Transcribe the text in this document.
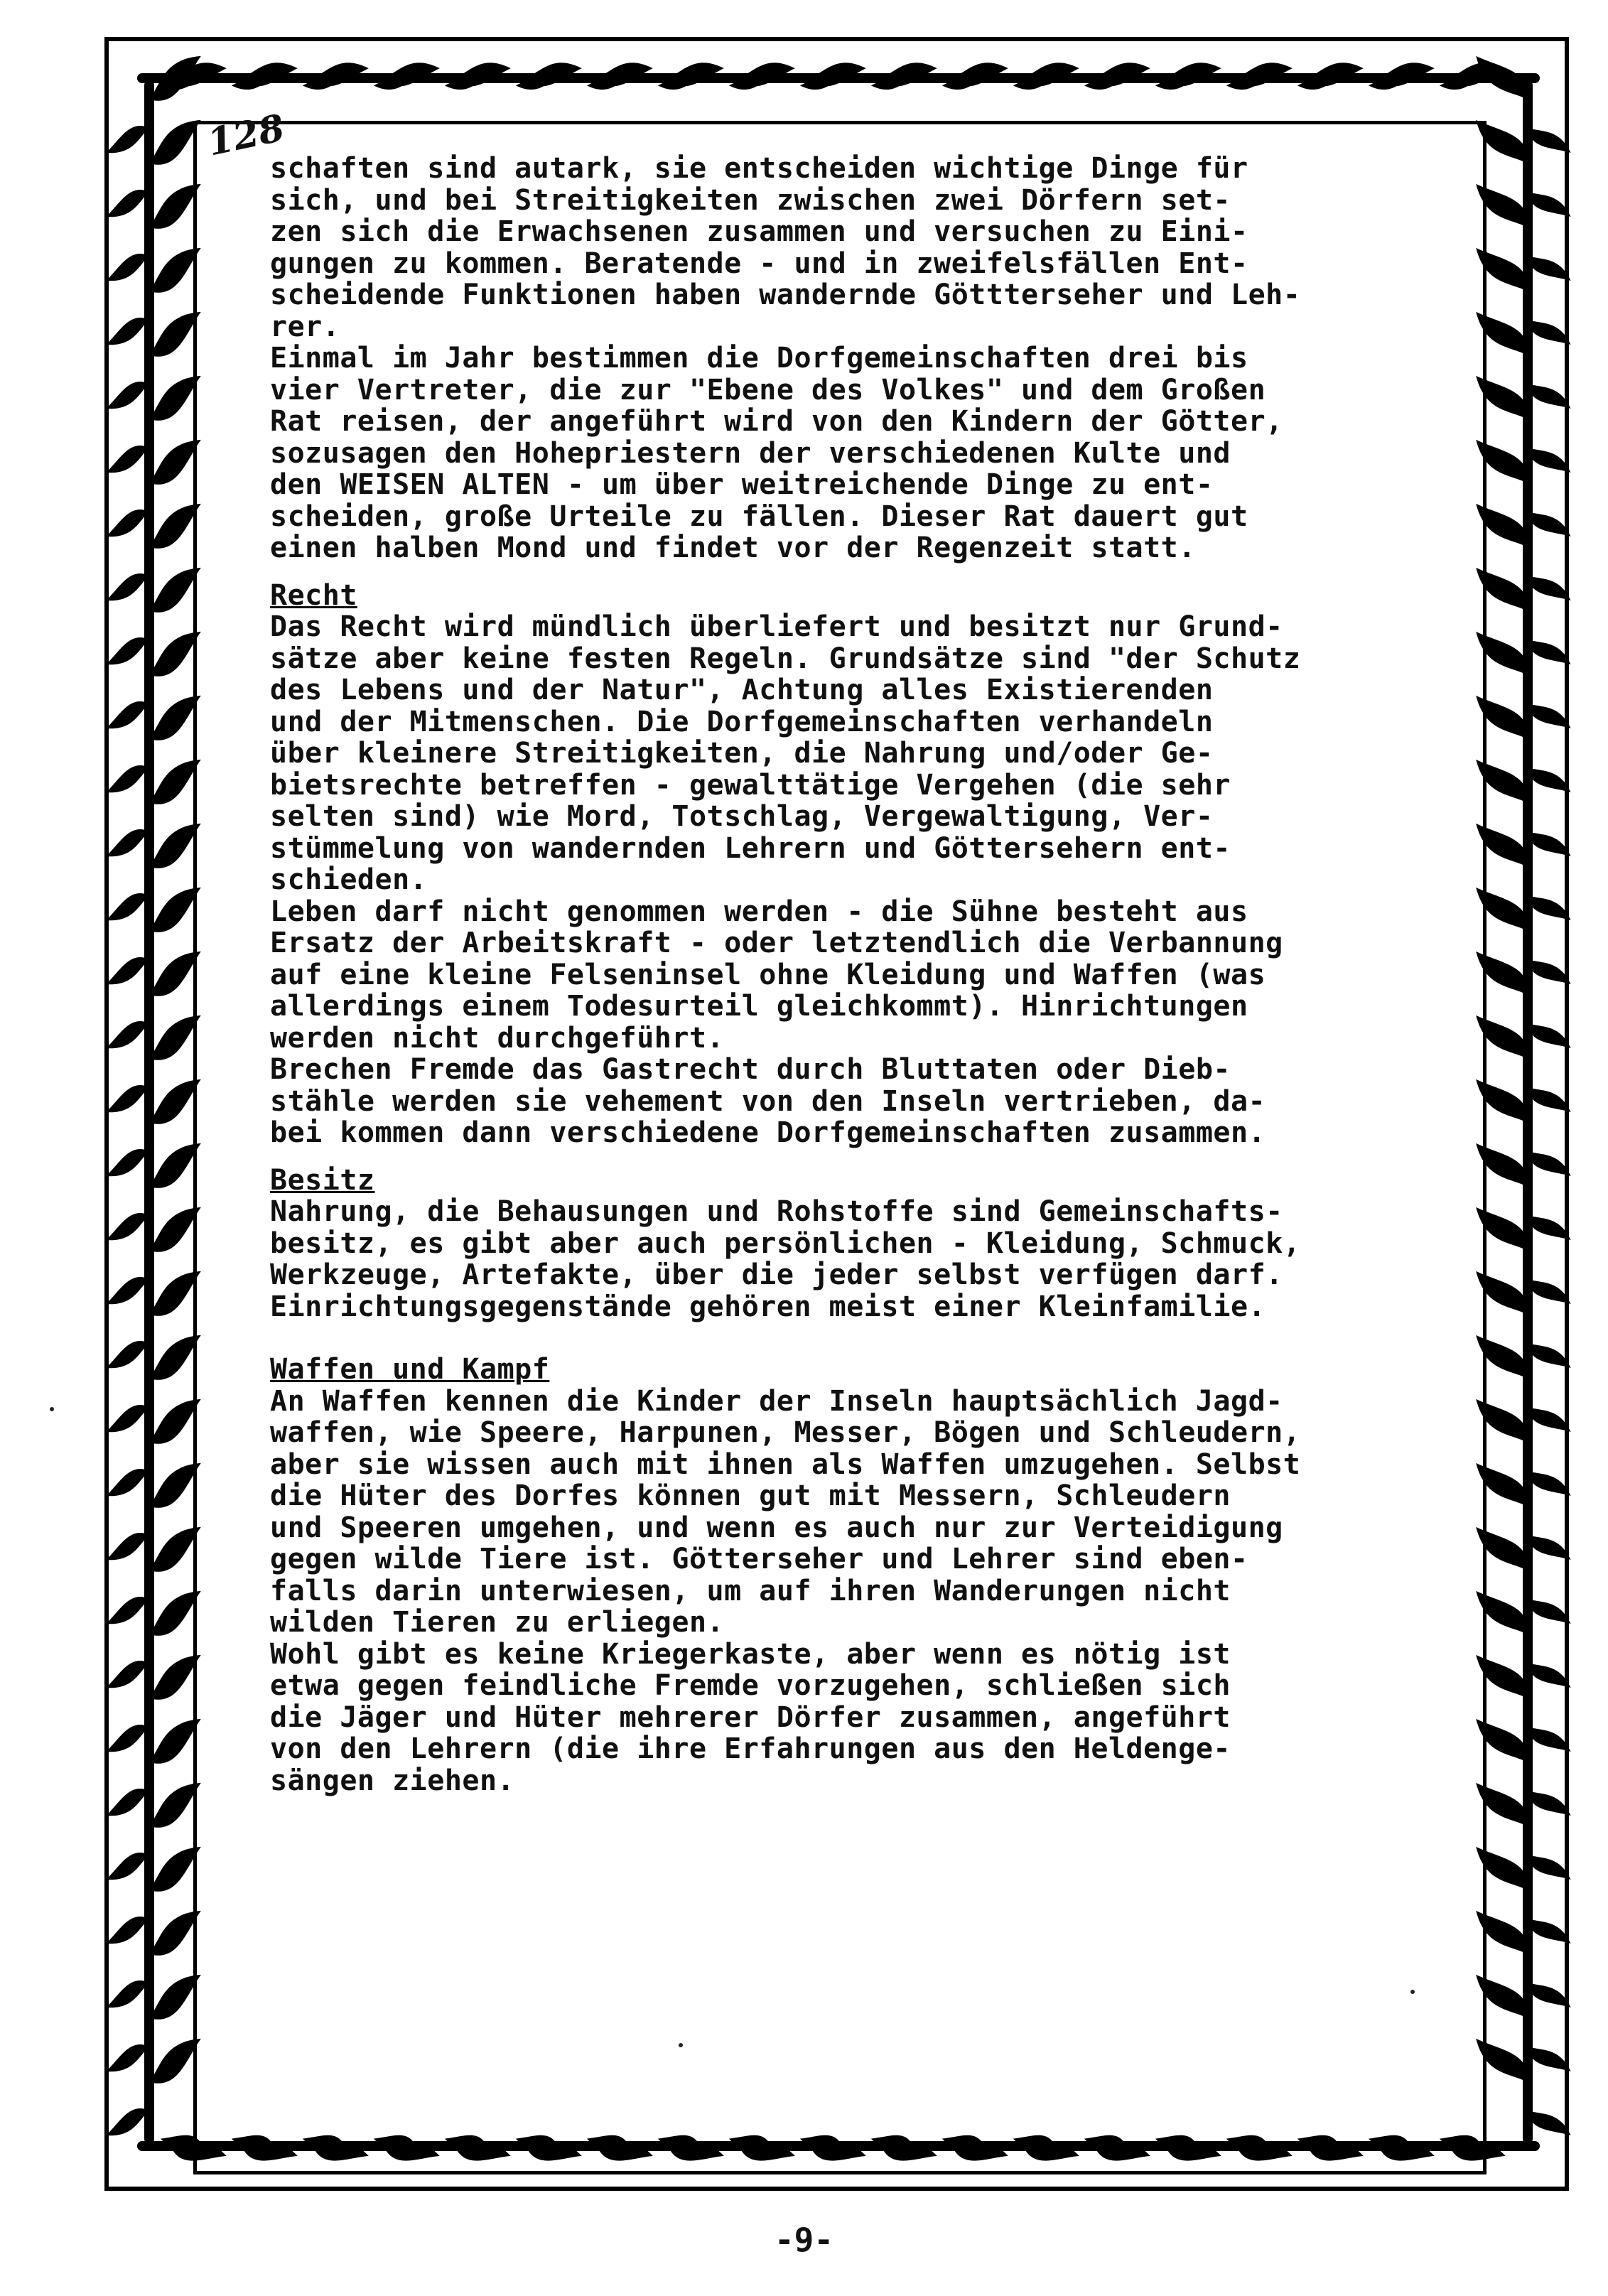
128
schaften sind autark, sie entscheiden wichtige Dinge für
sich, und bei Streitigkeiten zwischen zwei Dörfern set-
zen sich die Erwachsenen zusammen und versuchen zu Eini-
gungen zu kommen. Beratende - und in zweifelsfällen Ent-
scheidende Funktionen haben wandernde Göttterseher und Leh-
rer.
Einmal im Jahr bestimmen die Dorfgemeinschaften drei bis
vier Vertreter, die zur "Ebene des Volkes" und dem Großen
Rat reisen, der angeführt wird von den Kindern der Götter,
sozusagen den Hohepriestern der verschiedenen Kulte und
den WEISEN ALTEN - um über weitreichende Dinge zu ent-
scheiden, große Urteile zu fällen. Dieser Rat dauert gut
einen halben Mond und findet vor der Regenzeit statt.
Recht
Das Recht wird mündlich überliefert und besitzt nur Grund-
sätze aber keine festen Regeln. Grundsätze sind "der Schutz
des Lebens und der Natur", Achtung alles Existierenden
und der Mitmenschen. Die Dorfgemeinschaften verhandeln
über kleinere Streitigkeiten, die Nahrung und/oder Ge-
bietsrechte betreffen - gewalttätige Vergehen (die sehr
selten sind) wie Mord, Totschlag, Vergewaltigung, Ver-
stümmelung von wandernden Lehrern und Göttersehern ent-
schieden.
Leben darf nicht genommen werden - die Sühne besteht aus
Ersatz der Arbeitskraft - oder letztendlich die Verbannung
auf eine kleine Felseninsel ohne Kleidung und Waffen (was
allerdings einem Todesurteil gleichkommt). Hinrichtungen
werden nicht durchgeführt.
Brechen Fremde das Gastrecht durch Bluttaten oder Dieb-
stähle werden sie vehement von den Inseln vertrieben, da-
bei kommen dann verschiedene Dorfgemeinschaften zusammen.
Besitz
Nahrung, die Behausungen und Rohstoffe sind Gemeinschafts-
besitz, es gibt aber auch persönlichen - Kleidung, Schmuck,
Werkzeuge, Artefakte, über die jeder selbst verfügen darf.
Einrichtungsgegenstände gehören meist einer Kleinfamilie.
Waffen und Kampf
An Waffen kennen die Kinder der Inseln hauptsächlich Jagd-
waffen, wie Speere, Harpunen, Messer, Bögen und Schleudern,
aber sie wissen auch mit ihnen als Waffen umzugehen. Selbst
die Hüter des Dorfes können gut mit Messern, Schleudern
und Speeren umgehen, und wenn es auch nur zur Verteidigung
gegen wilde Tiere ist. Götterseher und Lehrer sind eben-
falls darin unterwiesen, um auf ihren Wanderungen nicht
wilden Tieren zu erliegen.
Wohl gibt es keine Kriegerkaste, aber wenn es nötig ist
etwa gegen feindliche Fremde vorzugehen, schließen sich
die Jäger und Hüter mehrerer Dörfer zusammen, angeführt
von den Lehrern (die ihre Erfahrungen aus den Heldenge-
sängen ziehen.
-9-
